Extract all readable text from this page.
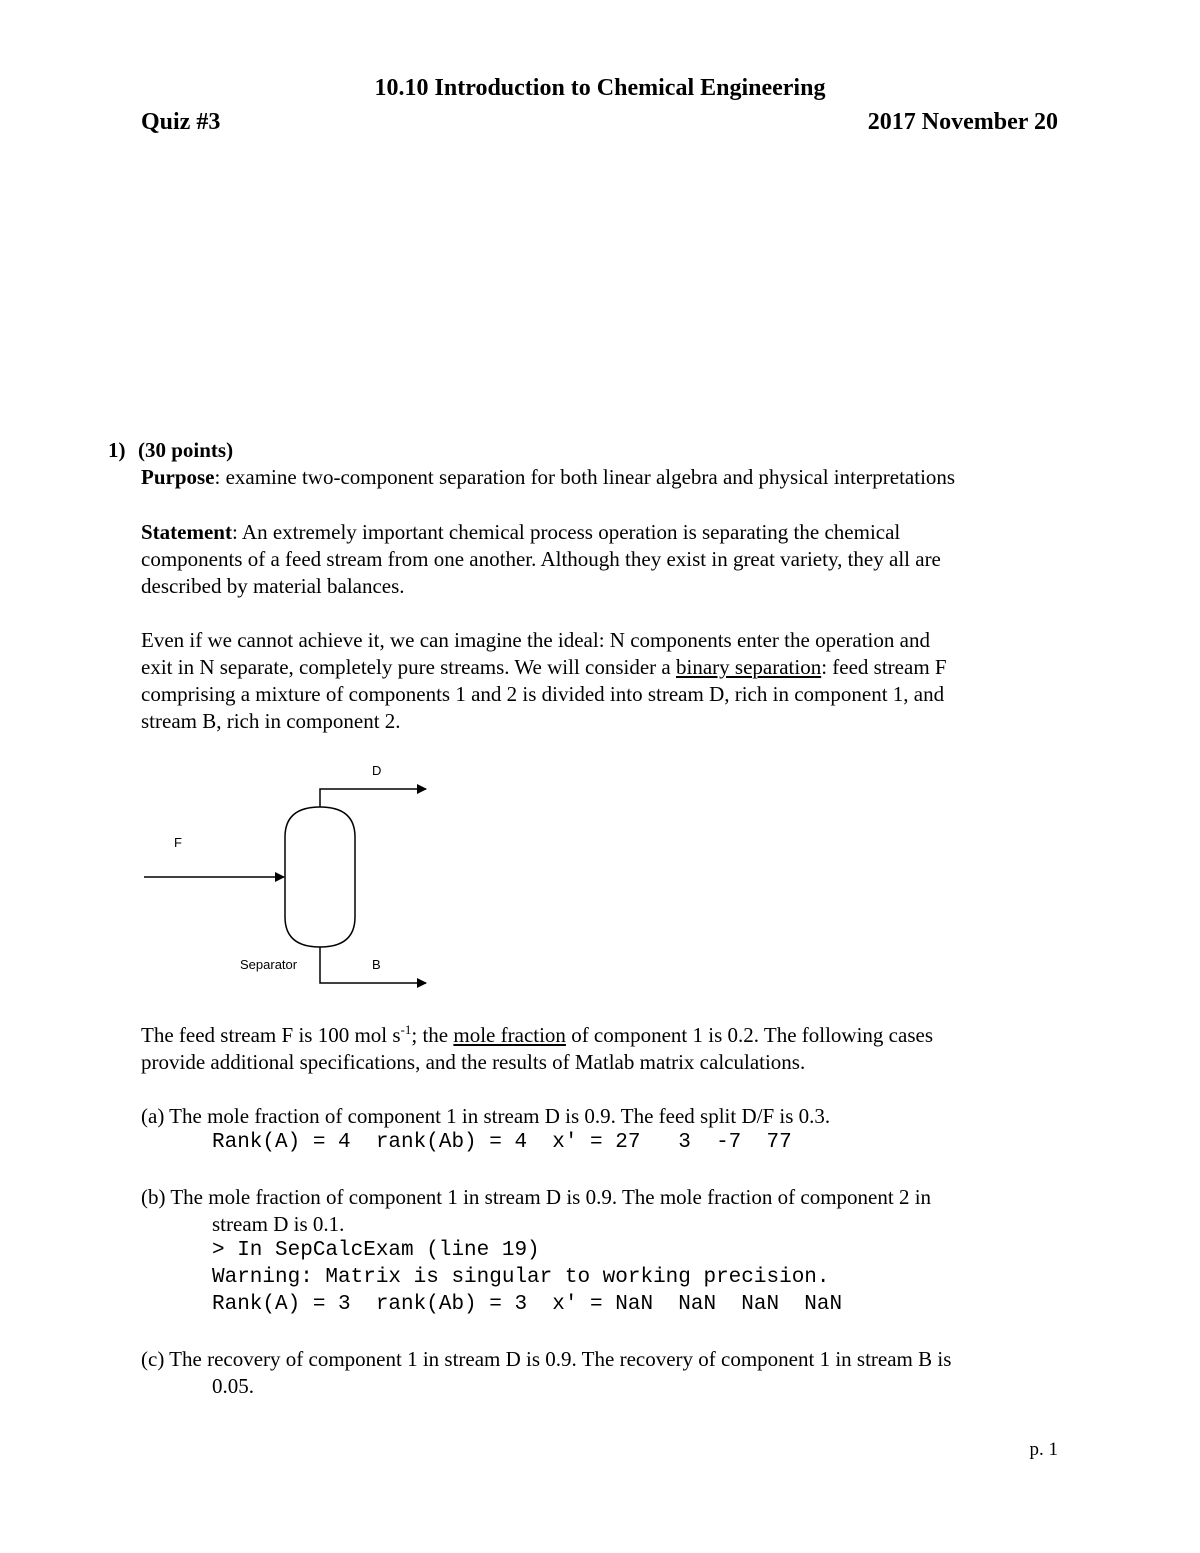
10.10 Introduction to Chemical Engineering
Quiz #3	2017 November 20
1) (30 points)
Purpose: examine two-component separation for both linear algebra and physical interpretations
Statement: An extremely important chemical process operation is separating the chemical
components of a feed stream from one another. Although they exist in great variety, they all are
described by material balances.
Even if we cannot achieve it, we can imagine the ideal: N components enter the operation and
exit in N separate, completely pure streams. We will consider a binary separation: feed stream F
comprising a mixture of components 1 and 2 is divided into stream D, rich in component 1, and
stream B, rich in component 2.
D
F
B
Separator
The feed stream F is 100 mol $s^{-1}$; the mole fraction of component 1 is 0.2. The following cases
provide additional specifications, and the results of Matlab matrix calculations.
(a) The mole fraction of component 1 in stream D is 0.9. The feed split D/F is 0.3.
Rank(A) = 4  rank(Ab) = 4  x' = 27   3  -7  77
(b) The mole fraction of component 1 in stream D is 0.9. The mole fraction of component 2 in
stream D is 0.1.
> In SepCalcExam (line 19)
Warning: Matrix is singular to working precision.
Rank(A) = 3  rank(Ab) = 3  x' = NaN  NaN  NaN  NaN
(c) The recovery of component 1 in stream D is 0.9. The recovery of component 1 in stream B is
0.05.
p. 1
